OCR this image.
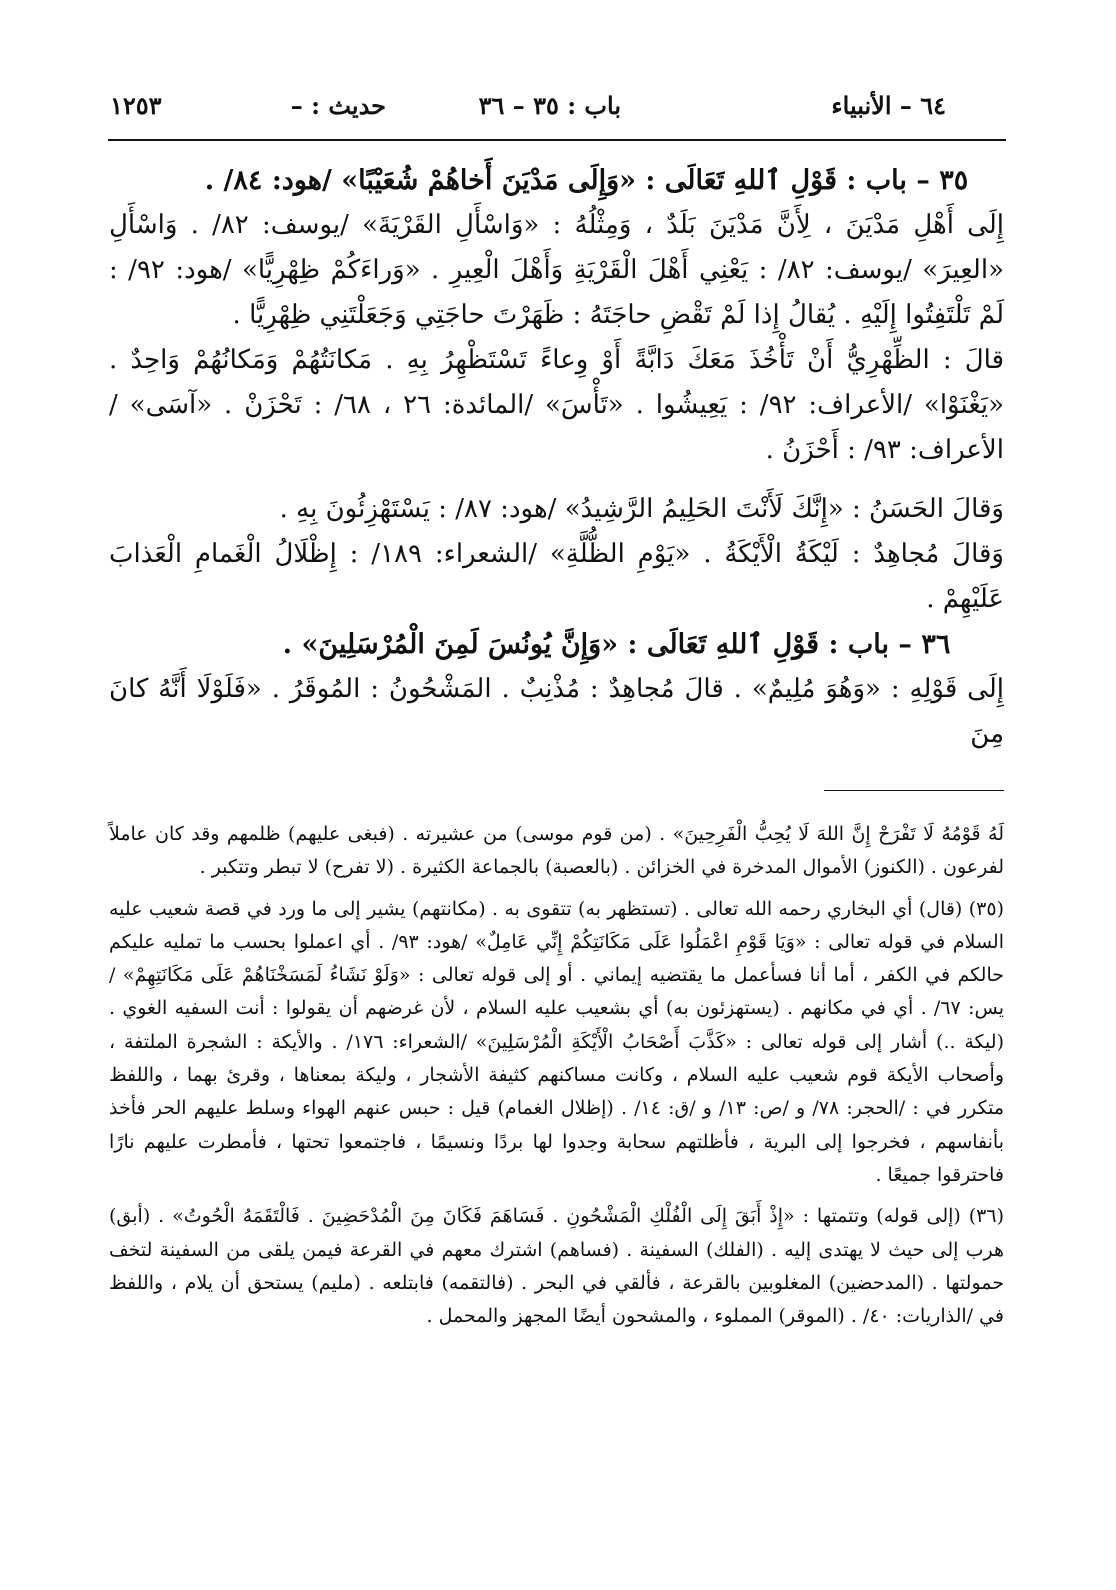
٦٤ – الأنبياء
باب : ٣٥ – ٣٦
حديث : –
١٢٥٣

٣٥ – باب : قَوْلِ ٱللهِ تَعَالَى : «وَإِلَى مَدْيَنَ أَخاهُمْ شُعَيْبًا» /هود: ٨٤/ .

إِلَى أَهْلِ مَدْيَنَ ، لِأَنَّ مَدْيَنَ بَلَدٌ ، وَمِثْلُهُ : «وَاسْأَلِ القَرْيَةَ» /يوسف: ٨٢/ . وَاسْأَلِ «العِيرَ» /يوسف: ٨٢/ : يَعْنِي أَهْلَ الْقَرْيَةِ وَأَهْلَ الْعِيرِ . «وَراءَكُمْ ظِهْرِيًّا» /هود: ٩٢/ : لَمْ تَلْتَفِتُوا إِلَيْهِ . يُقالُ إِذا لَمْ تَقْضِ حاجَتَهُ : ظَهَرْتَ حاجَتِي وَجَعَلْتَنِي ظِهْرِيًّا .

قالَ : الظِّهْرِيُّ أَنْ تَأْخُذَ مَعَكَ دَابَّةً أَوْ وِعاءً تَسْتَظْهِرُ بِهِ . مَكانَتُهُمْ وَمَكانُهُمْ وَاحِدٌ . «يَغْنَوْا» /الأعراف: ٩٢/ : يَعِيشُوا . «تَأْسَ» /المائدة: ٢٦ ، ٦٨/ : تَحْزَنْ . «آسَى» /الأعراف: ٩٣/ : أَحْزَنُ .

وَقالَ الحَسَنُ : «إِنَّكَ لَأَنْتَ الحَلِيمُ الرَّشِيدُ» /هود: ٨٧/ : يَسْتَهْزِئُونَ بِهِ .

وَقالَ مُجاهِدٌ : لَيْكَةُ الْأَيْكَةُ . «يَوْمِ الظُّلَّةِ» /الشعراء: ١٨٩/ : إِظْلَالُ الْغَمامِ الْعَذابَ عَلَيْهِمْ .

٣٦ – باب : قَوْلِ ٱللهِ تَعَالَى : «وَإِنَّ يُونُسَ لَمِنَ الْمُرْسَلِينَ» .

إِلَى قَوْلِهِ : «وَهُوَ مُلِيمٌ» . قالَ مُجاهِدٌ : مُذْنِبٌ . المَشْحُونُ : المُوقَرُ . «فَلَوْلَا أَنَّهُ كانَ مِنَ

لَهُ قَوْمُهُ لَا تَفْرَحْ إِنَّ اللهَ لَا يُحِبُّ الْفَرِحِينَ» . (من قوم موسى) من عشيرته . (فبغى عليهم) ظلمهم وقد كان عاملاً لفرعون . (الكنوز) الأموال المدخرة في الخزائن . (بالعصبة) بالجماعة الكثيرة . (لا تفرح) لا تبطر وتتكبر .

(٣٥) (قال) أي البخاري رحمه الله تعالى . (تستظهر به) تتقوى به . (مكانتهم) يشير إلى ما ورد في قصة شعيب عليه السلام في قوله تعالى : «وَيَا قَوْمِ اعْمَلُوا عَلَى مَكَانَتِكُمْ إِنِّي عَامِلٌ» /هود: ٩٣/ . أي اعملوا بحسب ما تمليه عليكم حالكم في الكفر ، أما أنا فسأعمل ما يقتضيه إيماني . أو إلى قوله تعالى : «وَلَوْ نَشَاءُ لَمَسَخْنَاهُمْ عَلَى مَكَانَتِهِمْ» /يس: ٦٧/ . أي في مكانهم . (يستهزئون به) أي بشعيب عليه السلام ، لأن غرضهم أن يقولوا : أنت السفيه الغوي . (ليكة ..) أشار إلى قوله تعالى : «كَذَّبَ أَصْحَابُ الْأَيْكَةِ الْمُرْسَلِينَ» /الشعراء: ١٧٦/ . والأيكة : الشجرة الملتفة ، وأصحاب الأيكة قوم شعيب عليه السلام ، وكانت مساكنهم كثيفة الأشجار ، وليكة بمعناها ، وقرئ بهما ، واللفظ متكرر في : /الحجر: ٧٨/ و /ص: ١٣/ و /ق: ١٤/ . (إظلال الغمام) قيل : حبس عنهم الهواء وسلط عليهم الحر فأخذ بأنفاسهم ، فخرجوا إلى البرية ، فأظلتهم سحابة وجدوا لها بردًا ونسيمًا ، فاجتمعوا تحتها ، فأمطرت عليهم نارًا فاحترقوا جميعًا .

(٣٦) (إلى قوله) وتتمتها : «إِذْ أَبَقَ إِلَى الْفُلْكِ الْمَشْحُونِ . فَسَاهَمَ فَكَانَ مِنَ الْمُدْحَضِينَ . فَالْتَقَمَهُ الْحُوتُ» . (أبق) هرب إلى حيث لا يهتدى إليه . (الفلك) السفينة . (فساهم) اشترك معهم في القرعة فيمن يلقى من السفينة لتخف حمولتها . (المدحضين) المغلوبين بالقرعة ، فألقي في البحر . (فالتقمه) فابتلعه . (مليم) يستحق أن يلام ، واللفظ في /الذاريات: ٤٠/ . (الموقر) المملوء ، والمشحون أيضًا المجهز والمحمل .
